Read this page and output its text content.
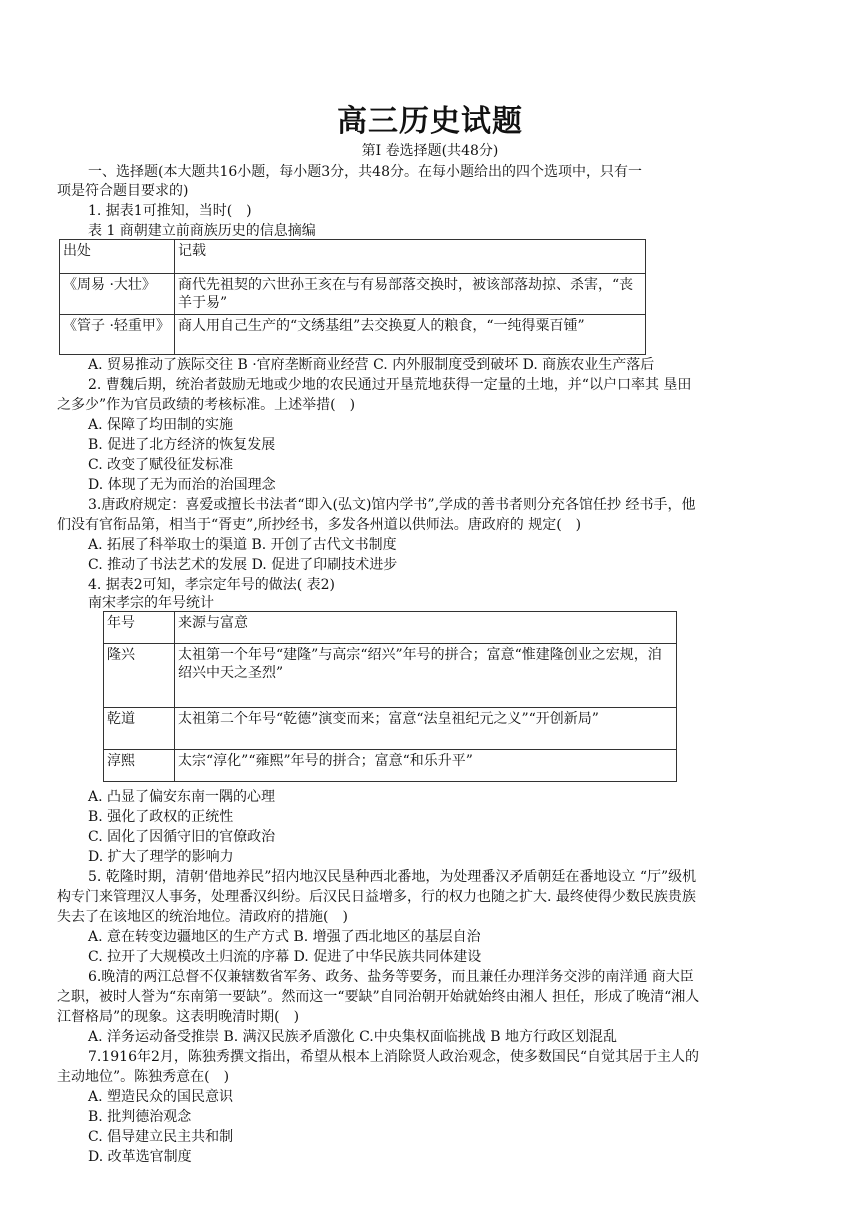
高三历史试题
第Ⅰ 卷选择题(共48分)
一、选择题(本大题共16小题，每小题3分，共48分。在每小题给出的四个选项中，只有一
项是符合题目要求的)
1. 据表1可推知，当时(　)
表 1 商朝建立前商族历史的信息摘编
出处	记载
《周易 ·大壮》	商代先祖契的六世孙王亥在与有易部落交换时，被该部落劫掠、杀害，“丧羊于易”
《管子 ·轻重甲》	商人用自己生产的“文绣基组”去交换夏人的粮食，“一纯得粟百锺”
A. 贸易推动了族际交往 B ·官府垄断商业经营 C. 内外服制度受到破坏 D. 商族农业生产落后
2. 曹魏后期，统治者鼓励无地或少地的农民通过开垦荒地获得一定量的土地，并“以户口率其 垦田
之多少”作为官员政绩的考核标准。上述举措(　)
A. 保障了均田制的实施
B. 促进了北方经济的恢复发展
C. 改变了赋役征发标准
D. 体现了无为而治的治国理念
3.唐政府规定：喜爱或擅长书法者“即入(弘文)馆内学书”,学成的善书者则分充各馆任抄 经书手，他
们没有官衔品第，相当于“胥吏”,所抄经书，多发各州道以供师法。唐政府的 规定(　)
A. 拓展了科举取士的渠道 B. 开创了古代文书制度
C. 推动了书法艺术的发展 D. 促进了印刷技术进步
4. 据表2可知，孝宗定年号的做法( 表2)
南宋孝宗的年号统计
年号	来源与富意
隆兴	太祖第一个年号“建隆”与高宗“绍兴”年号的拼合；富意“惟建隆创业之宏规，洎绍兴中天之圣烈”
乾道	太祖第二个年号“乾德”演变而来；富意“法皇祖纪元之义”“开创新局”
淳熙	太宗“淳化”“雍熙”年号的拼合；富意“和乐升平”
A. 凸显了偏安东南一隅的心理
B. 强化了政权的正统性
C. 固化了因循守旧的官僚政治
D. 扩大了理学的影响力
5. 乾隆时期，清朝‘借地养民”招内地汉民垦种西北番地，为处理番汉矛盾朝廷在番地设立 “厅”级机
构专门来管理汉人事务，处理番汉纠纷。后汉民日益增多，行的权力也随之扩大. 最终使得少数民族贵族
失去了在该地区的统治地位。清政府的措施(　)
A. 意在转变边疆地区的生产方式 B. 增强了西北地区的基层自治
C. 拉开了大规模改土归流的序幕 D. 促进了中华民族共同体建设
6.晚清的两江总督不仅兼辖数省军务、政务、盐务等要务，而且兼任办理洋务交涉的南洋通 商大臣
之职，被时人誉为“东南第一要缺”。然而这一“要缺”自同治朝开始就始终由湘人 担任，形成了晚清“湘人
江督格局”的现象。这表明晚清时期(　)
A. 洋务运动备受推崇 B. 满汉民族矛盾激化 C.中央集权面临挑战 B 地方行政区划混乱
7.1916年2月，陈独秀撰文指出，希望从根本上消除贤人政治观念，使多数国民“自觉其居于主人的
主动地位”。陈独秀意在(　)
A. 塑造民众的国民意识
B. 批判德治观念
C. 倡导建立民主共和制
D. 改革选官制度
